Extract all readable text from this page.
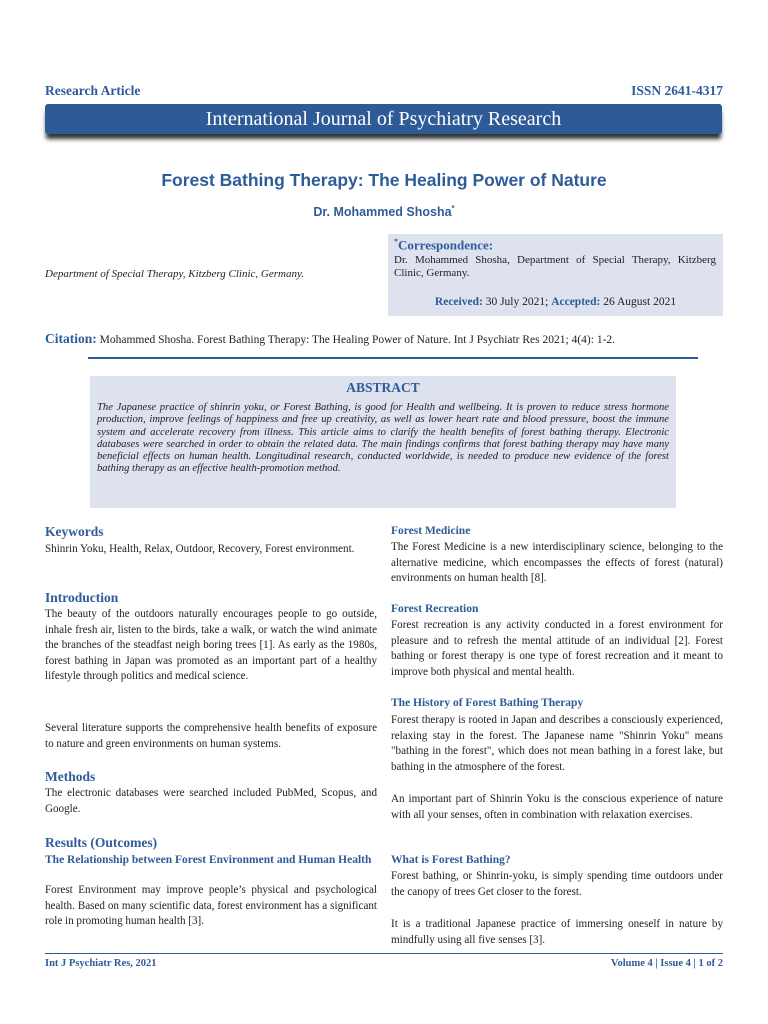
Research Article	ISSN 2641-4317
International Journal of Psychiatry Research
Forest Bathing Therapy: The Healing Power of Nature
Dr. Mohammed Shosha*
Department of Special Therapy, Kitzberg Clinic, Germany.
*Correspondence:
Dr. Mohammed Shosha, Department of Special Therapy, Kitzberg Clinic, Germany.
Received: 30 July 2021; Accepted: 26 August 2021
Citation: Mohammed Shosha. Forest Bathing Therapy: The Healing Power of Nature. Int J Psychiatr Res 2021; 4(4): 1-2.
ABSTRACT
The Japanese practice of shinrin yoku, or Forest Bathing, is good for Health and wellbeing. It is proven to reduce stress hormone production, improve feelings of happiness and free up creativity, as well as lower heart rate and blood pressure, boost the immune system and accelerate recovery from illness. This article aims to clarify the health benefits of forest bathing therapy. Electronic databases were searched in order to obtain the related data. The main findings confirms that forest bathing therapy may have many beneficial effects on human health. Longitudinal research, conducted worldwide, is needed to produce new evidence of the forest bathing therapy as an effective health-promotion method.
Keywords
Shinrin Yoku, Health, Relax, Outdoor, Recovery, Forest environment.
Introduction
The beauty of the outdoors naturally encourages people to go outside, inhale fresh air, listen to the birds, take a walk, or watch the wind animate the branches of the steadfast neigh boring trees [1]. As early as the 1980s, forest bathing in Japan was promoted as an important part of a healthy lifestyle through politics and medical science.
Several literature supports the comprehensive health benefits of exposure to nature and green environments on human systems.
Methods
The electronic databases were searched included PubMed, Scopus, and Google.
Results (Outcomes)
The Relationship between Forest Environment and Human Health
Forest Environment may improve people’s physical and psychological health. Based on many scientific data, forest environment has a significant role in promoting human health [3].
Forest Medicine
The Forest Medicine is a new interdisciplinary science, belonging to the alternative medicine, which encompasses the effects of forest (natural) environments on human health [8].
Forest Recreation
Forest recreation is any activity conducted in a forest environment for pleasure and to refresh the mental attitude of an individual [2]. Forest bathing or forest therapy is one type of forest recreation and it meant to improve both physical and mental health.
The History of Forest Bathing Therapy
Forest therapy is rooted in Japan and describes a consciously experienced, relaxing stay in the forest. The Japanese name "Shinrin Yoku" means "bathing in the forest", which does not mean bathing in a forest lake, but bathing in the atmosphere of the forest.
An important part of Shinrin Yoku is the conscious experience of nature with all your senses, often in combination with relaxation exercises.
What is Forest Bathing?
Forest bathing, or Shinrin-yoku, is simply spending time outdoors under the canopy of trees Get closer to the forest.
It is a traditional Japanese practice of immersing oneself in nature by mindfully using all five senses [3].
Int J Psychiatr Res, 2021	Volume 4 | Issue 4 | 1 of 2
